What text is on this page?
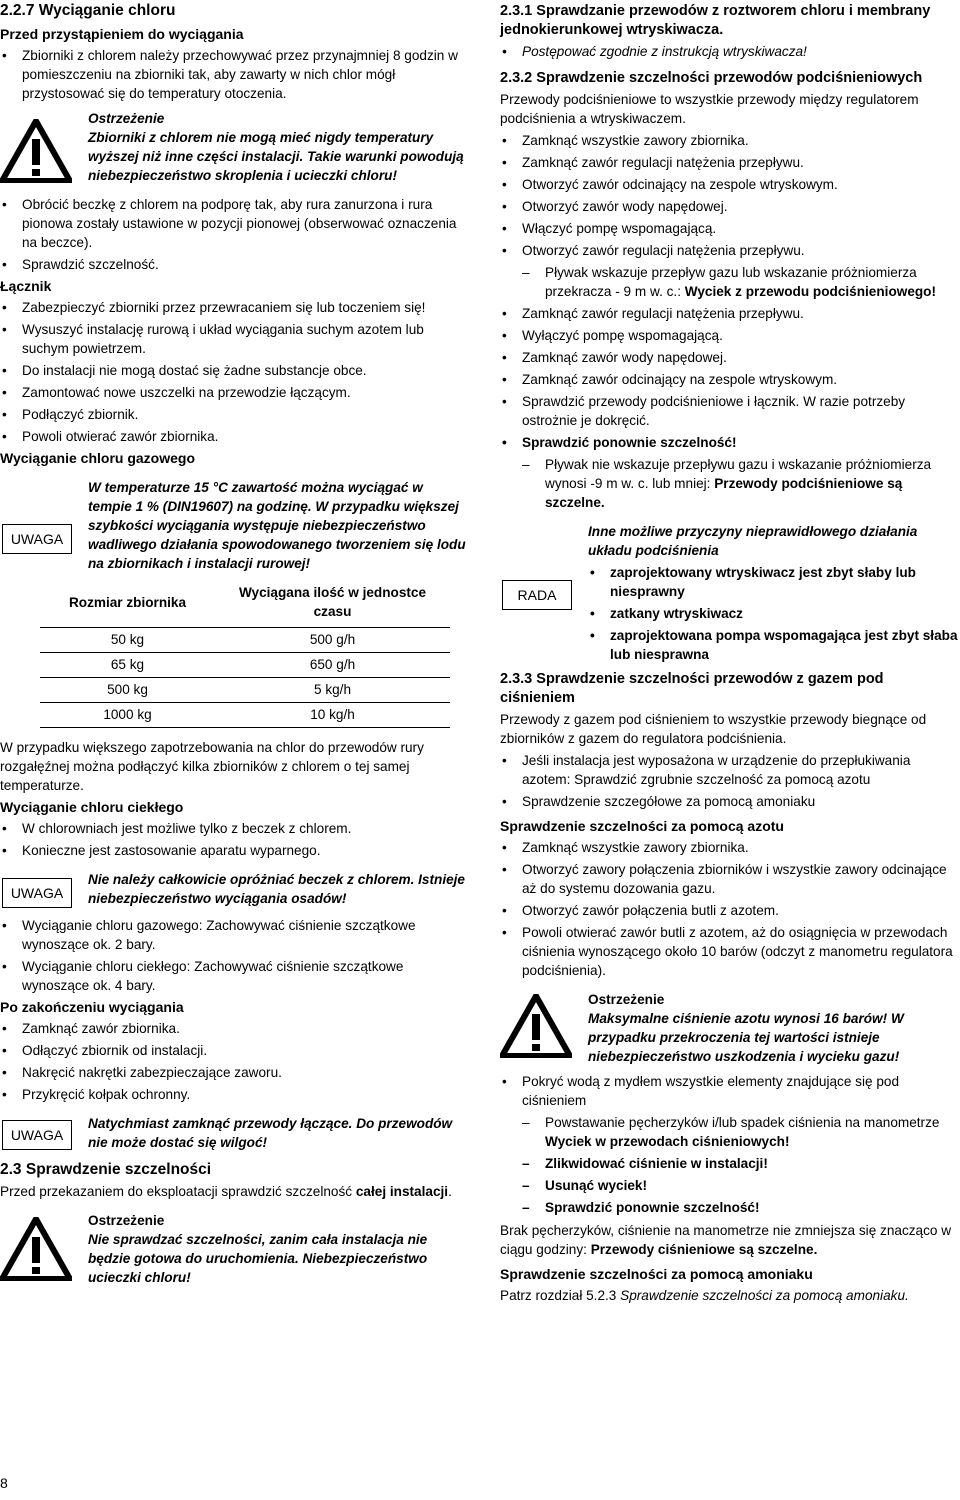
2.2.7 Wyciąganie chloru
Przed przystąpieniem do wyciągania
• Zbiorniki z chlorem należy przechowywać przez przynajmniej 8 godzin w pomieszczeniu na zbiorniki tak, aby zawarty w nich chlor mógł przystosować się do temperatury otoczenia.
Ostrzeżenie
Zbiorniki z chlorem nie mogą mieć nigdy temperatury wyższej niż inne części instalacji. Takie warunki powodują niebezpieczeństwo skroplenia i ucieczki chloru!
• Obrócić beczkę z chlorem na podporę tak, aby rura zanurzona i rura pionowa zostały ustawione w pozycji pionowej (obserwować oznaczenia na beczce).
• Sprawdzić szczelność.
Łącznik
• Zabezpieczyć zbiorniki przez przewracaniem się lub toczeniem się!
• Wysuszyć instalację rurową i układ wyciągania suchym azotem lub suchym powietrzem.
• Do instalacji nie mogą dostać się żadne substancje obce.
• Zamontować nowe uszczelki na przewodzie łączącym.
• Podłączyć zbiornik.
• Powoli otwierać zawór zbiornika.
Wyciąganie chloru gazowego
UWAGA
W temperaturze 15 °C zawartość można wyciągać w tempie 1 % (DIN19607) na godzinę. W przypadku większej szybkości wyciągania występuje niebezpieczeństwo wadliwego działania spowodowanego tworzeniem się lodu na zbiornikach i instalacji rurowej!
Rozmiar zbiornika	Wyciągana ilość w jednostce czasu
50 kg	500 g/h
65 kg	650 g/h
500 kg	5 kg/h
1000 kg	10 kg/h

W przypadku większego zapotrzebowania na chlor do przewodów rury rozgałęźnej można podłączyć kilka zbiorników z chlorem o tej samej temperaturze.

Wyciąganie chloru ciekłego
• W chlorowniach jest możliwe tylko z beczek z chlorem.
• Konieczne jest zastosowanie aparatu wyparnego.
UWAGA
Nie należy całkowicie opróżniać beczek z chlorem. Istnieje niebezpieczeństwo wyciągania osadów!
• Wyciąganie chloru gazowego: Zachowywać ciśnienie szczątkowe wynoszące ok. 2 bary.
• Wyciąganie chloru ciekłego: Zachowywać ciśnienie szczątkowe wynoszące ok. 4 bary.
Po zakończeniu wyciągania
• Zamknąć zawór zbiornika.
• Odłączyć zbiornik od instalacji.
• Nakręcić nakrętki zabezpieczające zaworu.
• Przykręcić kołpak ochronny.
UWAGA
Natychmiast zamknąć przewody łączące. Do przewodów nie może dostać się wilgoć!
2.3 Sprawdzenie szczelności

Przed przekazaniem do eksploatacji sprawdzić szczelność całej instalacji.

Ostrzeżenie
Nie sprawdzać szczelności, zanim cała instalacja nie będzie gotowa do uruchomienia. Niebezpieczeństwo ucieczki chloru!
8
2.3.1 Sprawdzanie przewodów z roztworem chloru i membrany jednokierunkowej wtryskiwacza.
• Postępować zgodnie z instrukcją wtryskiwacza!
2.3.2 Sprawdzenie szczelności przewodów podciśnieniowych

Przewody podciśnieniowe to wszystkie przewody między regulatorem podciśnienia a wtryskiwaczem.

• Zamknąć wszystkie zawory zbiornika.
• Zamknąć zawór regulacji natężenia przepływu.
• Otworzyć zawór odcinający na zespole wtryskowym.
• Otworzyć zawór wody napędowej.
• Włączyć pompę wspomagającą.
• Otworzyć zawór regulacji natężenia przepływu.
– Pływak wskazuje przepływ gazu lub wskazanie próżniomierza przekracza - 9 m w. c.: Wyciek z przewodu podciśnieniowego!
• Zamknąć zawór regulacji natężenia przepływu.
• Wyłączyć pompę wspomagającą.
• Zamknąć zawór wody napędowej.
• Zamknąć zawór odcinający na zespole wtryskowym.
• Sprawdzić przewody podciśnieniowe i łącznik. W razie potrzeby ostrożnie je dokręcić.
• Sprawdzić ponownie szczelność!
– Pływak nie wskazuje przepływu gazu i wskazanie próżniomierza wynosi -9 m w. c. lub mniej: Przewody podciśnieniowe są szczelne.
RADA
Inne możliwe przyczyny nieprawidłowego działania układu podciśnienia
• zaprojektowany wtryskiwacz jest zbyt słaby lub niesprawny
• zatkany wtryskiwacz
• zaprojektowana pompa wspomagająca jest zbyt słaba lub niesprawna
2.3.3 Sprawdzenie szczelności przewodów z gazem pod ciśnieniem

Przewody z gazem pod ciśnieniem to wszystkie przewody biegnące od zbiorników z gazem do regulatora podciśnienia.

• Jeśli instalacja jest wyposażona w urządzenie do przepłukiwania azotem: Sprawdzić zgrubnie szczelność za pomocą azotu
• Sprawdzenie szczegółowe za pomocą amoniaku
Sprawdzenie szczelności za pomocą azotu
• Zamknąć wszystkie zawory zbiornika.
• Otworzyć zawory połączenia zbiorników i wszystkie zawory odcinające aż do systemu dozowania gazu.
• Otworzyć zawór połączenia butli z azotem.
• Powoli otwierać zawór butli z azotem, aż do osiągnięcia w przewodach ciśnienia wynoszącego około 10 barów (odczyt z manometru regulatora podciśnienia).
Ostrzeżenie
Maksymalne ciśnienie azotu wynosi 16 barów! W przypadku przekroczenia tej wartości istnieje niebezpieczeństwo uszkodzenia i wycieku gazu!
• Pokryć wodą z mydłem wszystkie elementy znajdujące się pod ciśnieniem
– Powstawanie pęcherzyków i/lub spadek ciśnienia na manometrze
Wyciek w przewodach ciśnieniowych!
– Zlikwidować ciśnienie w instalacji!
– Usunąć wyciek!
– Sprawdzić ponownie szczelność!

Brak pęcherzyków, ciśnienie na manometrze nie zmniejsza się znacząco w ciągu godziny: Przewody ciśnieniowe są szczelne.

Sprawdzenie szczelności za pomocą amoniaku

Patrz rozdział 5.2.3 Sprawdzenie szczelności za pomocą amoniaku.
